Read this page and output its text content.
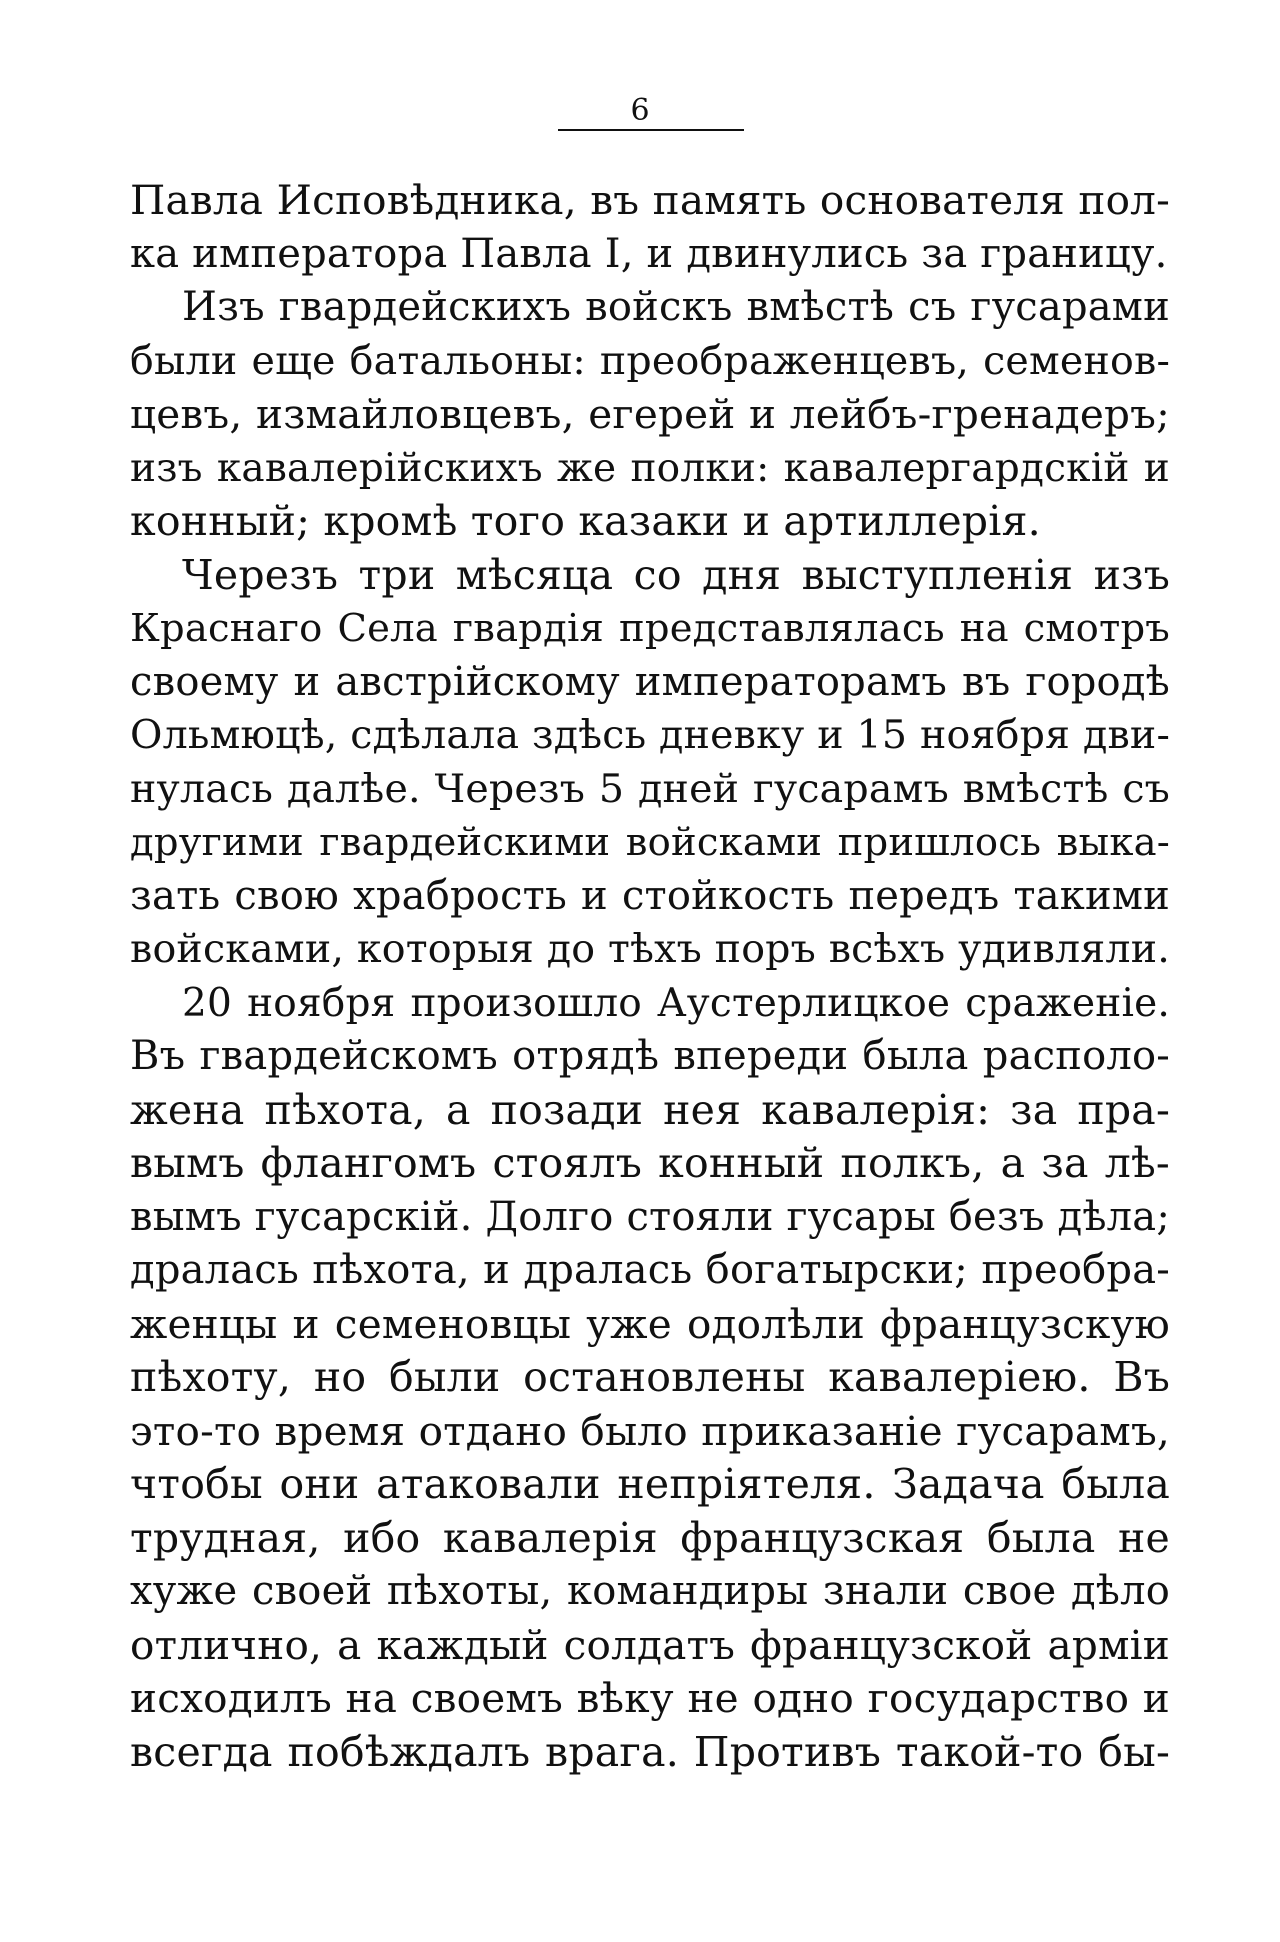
6
Павла Исповѣдника, въ память основателя пол-
ка императора Павла I, и двинулись за границу.
Изъ гвардейскихъ войскъ вмѣстѣ съ гусарами
были еще батальоны: преображенцевъ, семенов-
цевъ, измайловцевъ, егерей и лейбъ-гренадеръ;
изъ кавалерійскихъ же полки: кавалергардскій и
конный; кромѣ того казаки и артиллерія.
Черезъ три мѣсяца со дня выступленія изъ
Краснаго Села гвардія представлялась на смотръ
своему и австрійскому императорамъ въ городѣ
Ольмюцѣ, сдѣлала здѣсь дневку и 15 ноября дви-
нулась далѣе. Черезъ 5 дней гусарамъ вмѣстѣ съ
другими гвардейскими войсками пришлось выка-
зать свою храбрость и стойкость передъ такими
войсками, которыя до тѣхъ поръ всѣхъ удивляли.
20 ноября произошло Аустерлицкое сраженіе.
Въ гвардейскомъ отрядѣ впереди была располо-
жена пѣхота, а позади нея кавалерія: за пра-
вымъ флангомъ стоялъ конный полкъ, а за лѣ-
вымъ гусарскій. Долго стояли гусары безъ дѣла;
дралась пѣхота, и дралась богатырски; преобра-
женцы и семеновцы уже одолѣли французскую
пѣхоту, но были остановлены кавалеріею. Въ
это-то время отдано было приказаніе гусарамъ,
чтобы они атаковали непріятеля. Задача была
трудная, ибо кавалерія французская была не
хуже своей пѣхоты, командиры знали свое дѣло
отлично, а каждый солдатъ французской арміи
исходилъ на своемъ вѣку не одно государство и
всегда побѣждалъ врага. Противъ такой-то бы-
